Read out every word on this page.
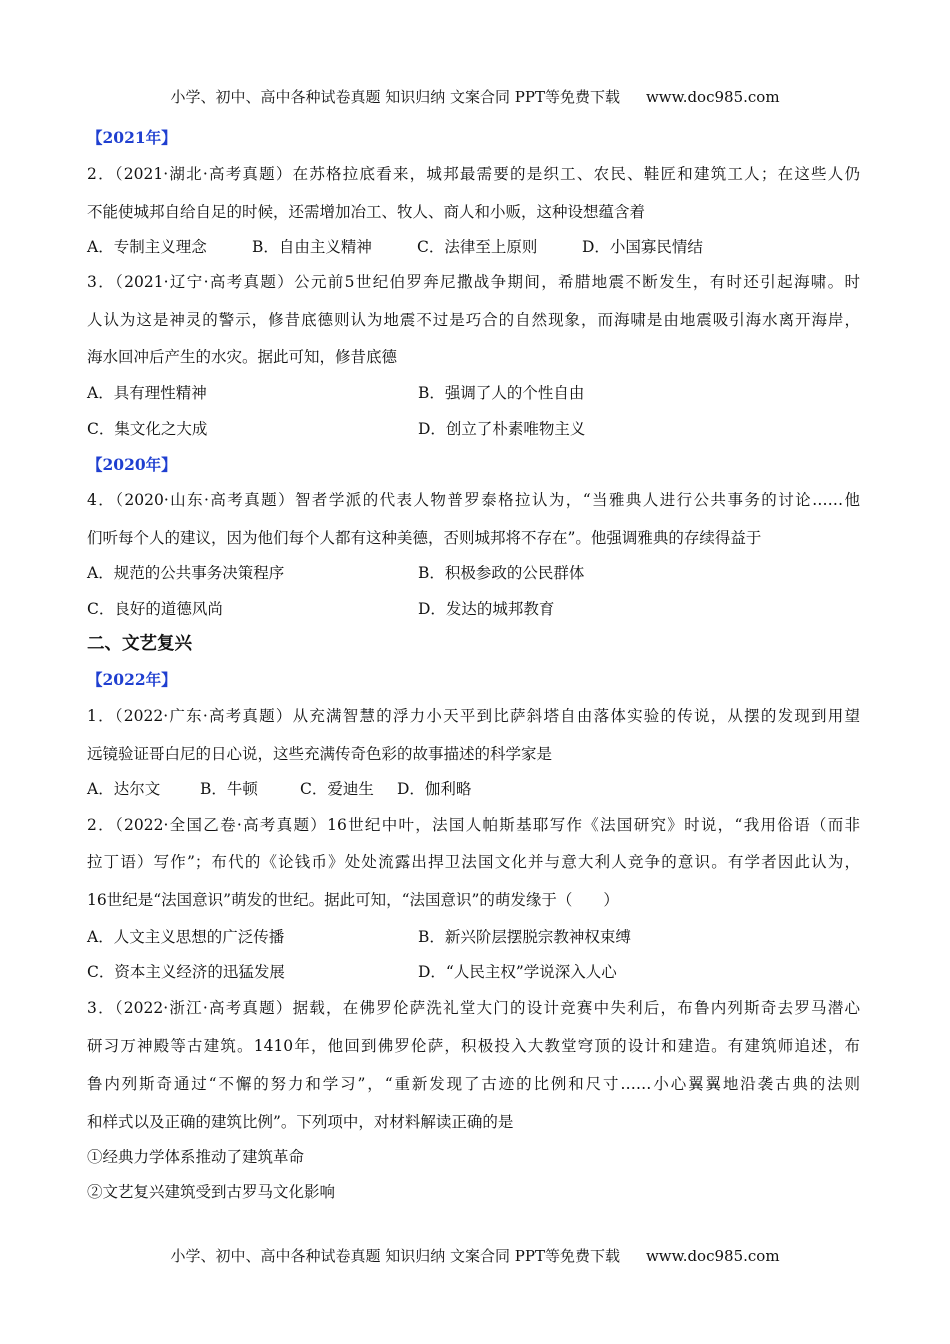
小学、初中、高中各种试卷真题 知识归纳 文案合同 PPT等免费下载 www.doc985.com
【2021年】
2．（2021·湖北·高考真题）在苏格拉底看来，城邦最需要的是织工、农民、鞋匠和建筑工人；在这些人仍
不能使城邦自给自足的时候，还需增加冶工、牧人、商人和小贩，这种设想蕴含着
A．专制主义理念	B．自由主义精神	C．法律至上原则	D．小国寡民情结
3．（2021·辽宁·高考真题）公元前5世纪伯罗奔尼撒战争期间，希腊地震不断发生，有时还引起海啸。时
人认为这是神灵的警示，修昔底德则认为地震不过是巧合的自然现象，而海啸是由地震吸引海水离开海岸，
海水回冲后产生的水灾。据此可知，修昔底德
A．具有理性精神	B．强调了人的个性自由
C．集文化之大成	D．创立了朴素唯物主义
【2020年】
4．（2020·山东·高考真题）智者学派的代表人物普罗泰格拉认为，“当雅典人进行公共事务的讨论……他
们听每个人的建议，因为他们每个人都有这种美德，否则城邦将不存在”。他强调雅典的存续得益于
A．规范的公共事务决策程序	B．积极参政的公民群体
C．良好的道德风尚	D．发达的城邦教育
二、文艺复兴
【2022年】
1．（2022·广东·高考真题）从充满智慧的浮力小天平到比萨斜塔自由落体实验的传说，从摆的发现到用望
远镜验证哥白尼的日心说，这些充满传奇色彩的故事描述的科学家是
A．达尔文	B．牛顿	C．爱迪生 D．伽利略
2．（2022·全国乙卷·高考真题）16世纪中叶，法国人帕斯基耶写作《法国研究》时说，“我用俗语（而非
拉丁语）写作”；布代的《论钱币》处处流露出捍卫法国文化并与意大利人竞争的意识。有学者因此认为，
16世纪是“法国意识”萌发的世纪。据此可知，“法国意识”的萌发缘于（　　）
A．人文主义思想的广泛传播	B．新兴阶层摆脱宗教神权束缚
C．资本主义经济的迅猛发展	D．“人民主权”学说深入人心
3．（2022·浙江·高考真题）据载，在佛罗伦萨洗礼堂大门的设计竞赛中失利后，布鲁内列斯奇去罗马潜心
研习万神殿等古建筑。1410年，他回到佛罗伦萨，积极投入大教堂穹顶的设计和建造。有建筑师追述，布
鲁内列斯奇通过“不懈的努力和学习”，“重新发现了古迹的比例和尺寸……小心翼翼地沿袭古典的法则
和样式以及正确的建筑比例”。下列项中，对材料解读正确的是
①经典力学体系推动了建筑革命
②文艺复兴建筑受到古罗马文化影响
小学、初中、高中各种试卷真题 知识归纳 文案合同 PPT等免费下载 www.doc985.com
